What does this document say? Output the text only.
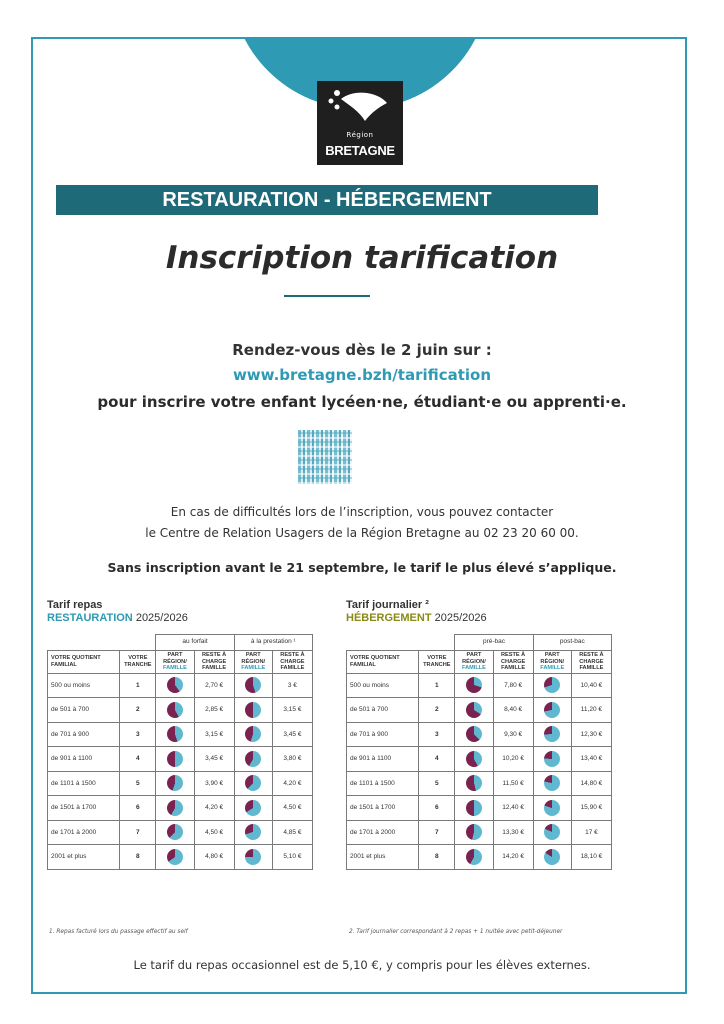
Région
BRETAGNE
RESTAURATION - HÉBERGEMENT
Inscription tarification
Rendez-vous dès le 2 juin sur :
www.bretagne.bzh/tarification
pour inscrire votre enfant lycéen·ne, étudiant·e ou apprenti·e.
En cas de difficultés lors de l’inscription, vous pouvez contacter
le Centre de Relation Usagers de la Région Bretagne au 02 23 20 60 00.
Sans inscription avant le 21 septembre, le tarif le plus élevé s’applique.
Tarif repas
RESTAURATION 2025/2026
		au forfait		à la prestation ¹	
VOTRE QUOTIENT FAMILIAL	VOTRE TRANCHE	PART RÉGION/
FAMILLE	RESTE À CHARGE FAMILLE	PART RÉGION/
FAMILLE	RESTE À CHARGE FAMILLE
500 ou moins	1		2,70 €		3 €
de 501 à 700	2		2,85 €		3,15 €
de 701 à 900	3		3,15 €		3,45 €
de 901 à 1100	4		3,45 €		3,80 €
de 1101 à 1500	5		3,90 €		4,20 €
de 1501 à 1700	6		4,20 €		4,50 €
de 1701 à 2000	7		4,50 €		4,85 €
2001 et plus	8		4,80 €		5,10 €
Tarif journalier ²
HÉBERGEMENT 2025/2026
		pré-bac		post-bac	
VOTRE QUOTIENT FAMILIAL	VOTRE TRANCHE	PART RÉGION/
FAMILLE	RESTE À CHARGE FAMILLE	PART RÉGION/
FAMILLE	RESTE À CHARGE FAMILLE
500 ou moins	1		7,80 €		10,40 €
de 501 à 700	2		8,40 €		11,20 €
de 701 à 900	3		9,30 €		12,30 €
de 901 à 1100	4		10,20 €		13,40 €
de 1101 à 1500	5		11,50 €		14,80 €
de 1501 à 1700	6		12,40 €		15,90 €
de 1701 à 2000	7		13,30 €		17 €
2001 et plus	8		14,20 €		18,10 €
1. Repas facturé lors du passage effectif au self	2. Tarif journalier correspondant à 2 repas + 1 nuitée avec petit-déjeuner
Le tarif du repas occasionnel est de 5,10 €, y compris pour les élèves externes.
